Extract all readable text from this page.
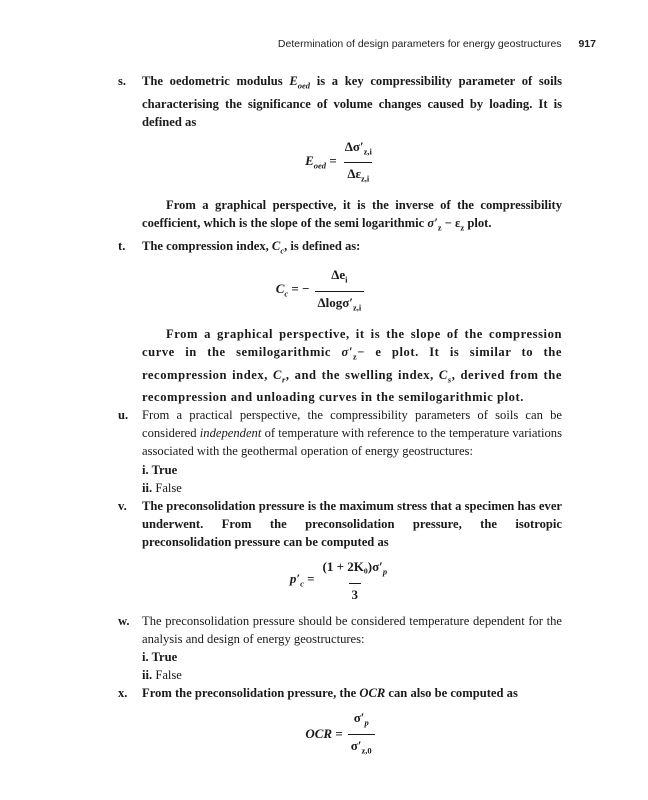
Determination of design parameters for energy geostructures 917
s. The oedometric modulus $E_{oed}$ is a key compressibility parameter of soils characterising the significance of volume changes caused by loading. It is defined as
$E_{oed} = \frac{\Delta\sigma'_{z,i}}{\Delta\varepsilon_{z,i}}$
From a graphical perspective, it is the inverse of the compressibility coefficient, which is the slope of the semi logarithmic $\sigma'_z - \varepsilon_z$ plot.
t. The compression index, $C_c$, is defined as:
$C_c$ = − $\frac{\Delta e_i}{\Delta\log\sigma'_{z,i}}$
From a graphical perspective, it is the slope of the compression curve in the semilogarithmic $\sigma'_z- e$ plot. It is similar to the recompression index, $C_r$, and the swelling index, $C_s$, derived from the recompression and unloading curves in the semilogarithmic plot.
u. From a practical perspective, the compressibility parameters of soils can be considered independent of temperature with reference to the temperature variations associated with the geothermal operation of energy geostructures:
i. True
ii. False
v. The preconsolidation pressure is the maximum stress that a specimen has ever underwent. From the preconsolidation pressure, the isotropic preconsolidation pressure can be computed as
$p'_c = \frac{(1 + 2K_0)\sigma'_p}{3}$
w. The preconsolidation pressure should be considered temperature dependent for the analysis and design of energy geostructures:
i. True
ii. False
x. From the preconsolidation pressure, the OCR can also be computed as
OCR = $\frac{\sigma'_p}{\sigma'_{z,0}}$
